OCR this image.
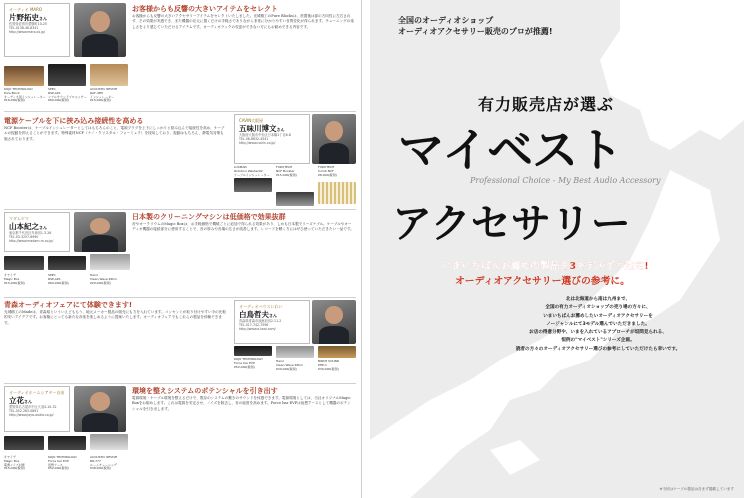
オーディオ MARO
片野拓史さん
佐賀県佐賀市愛敬町10-25
TEL.0138-46-8341
http://www.maro.co.jp/
お客様からも反響の大きいアイテムをセレクト
お客様からも反響の大きいアクセサリーアイテムをセレクトいたしました。光城精工のPure Blocksは、設置後は部の方向性に左右されず、その効果が実感でき、また機器の足元に置くだけの手軽さでありながら非常に分かりやすい音質変化が得られます。チューニングの楽しさをより感じていただけるアイテムです。オーディオラックの変更ができない方にもお勧めできる内容です。
KOJO TECHNOLOGY
Pure Block
オーディオ用インシュレーター
¥16,000(税別)
SPEC
RSP-AZ1
リアルサウンドプロセッサー
¥60,000(税別)
ACOUSTIC REVIVE
RAF-48H
インシュレーター
¥15,000(税別)
電源ケーブルを下に挟み込み接続性を高める
NCF Boosterは、ケーブルインシュレーターとしてはもちろんのこと、電源プラグを上下にしっかりと挟み込んで接続性を高め、ケーブルの振動を抑えることができます。特殊素材NCF（ナノ・クリスタル・フォーミュラ）を採用しており、振動はもちろん、静電気対策も施されております。
CAVIN大阪屋
五味川博文さん
大阪府大阪市中央区日本橋1丁目6-8
TEL.06-6632-4541
http://www.cavin.co.jp/
LUXMAN
Rolcdion Washer02
ケーブルインシュレーター
FURUTECH
NCF Booster
¥15,000(税別)
FURUTECH
Comb NCF
¥8,000(税別)
マダムヤマ
山本紀之さん
東京都千代田区外神田1-3-26
TEL.03-3257-6990
http://www.madam-m.co.jp/
日本製のクリーニングマシンは低価格で効果抜群
音やオーラリウムのMagic Boxは、お手軽価格で機械ごとに追加で得られる効果があり、しかも日本製でリーズナブル。ケーブルやオーディオ機器の接続部分に使用することで、音の厚みや音場の広さが改善します。レコードを聴く方にはぜひ使っていただきたい一品です。
オヤイデ
Magic Box
¥15,000(税別)
SPEC
RSP-AZ1
¥60,000(税別)
Hanil
Clean Wave RD11
¥29,000(税別)
青森オーディオフェアにて体験できます!
光城精工のMadeは、青森県といういえどももう、地元メーカー製品の販売にも力を入れています。コンセントが取り付けやすい今の比較的安いアイデアです。お客様にとっても新たな音楽を楽しめるように提案いたします。オーディオフェアでもこれらの製品を体験できます。
オーディオハウスいわい
白鳥哲夫さん
青森県青森市浪館前田2-11-2
TEL.017-742-7596
http://www.a-iwai.com/
KOJO TECHNOLOGY
Force bar EVP
¥52,000(税別)
Hanil
Clean Wave RD11
¥29,000(税別)
BIRCH SOUND
PHE-1
¥30,000(税別)
オーディオホームシアター自由
立花さん
愛知県名古屋市中区大須4-10-32
TEL.052-263-0891
http://www.joyo-audio.co.jp/
環境を整えシステムのポテンシャルを引き出す
電源環境・ケーブル環境を整えるだけで、既存のシステムの驚きのサウンドを体感できます。電源環境としては、当社オリジナルMagic Boxをお勧めします。これは電源を安定させ、ノイズを除去し、音の純度を高めます。Force bar EVPは仮想アースとして機器のポテンシャルを引き出します。
オヤイデ
Magic Box
電源ノイズ対策
¥15,000(税別)
KOJO TECHNOLOGY
Force bar EVP
仮想アース
¥52,000(税別)
ACOUSTIC REVIVE
RR-777
ルームチューニング
¥38,000(税別)
全国のオーディオショップ
オーディオアクセサリー販売のプロが推薦!
有力販売店が選ぶ
マイベスト
Professional Choice - My Best Audio Accessory
アクセサリー
いまいちばんお薦めの製品を3モデルずつ選定!
オーディオアクセサリー選びの参考に。
北は北海道から南は九州まで、
全国の有力オーディオショップの売り場の方々に、
いまいちばんお薦めしたいオーディオアクセサリーを
ノージャンルにて3モデル選んでいただきました。
お店の得意分野や、いまを入れているアプローチが垣間見られる、
恒例の"マイベスト"シリーズ企画。
読者の方々のオーディオアクセサリー選びの参考にしていただけたら幸いです。
※今回はケーブル製品は含まず掲載しています
